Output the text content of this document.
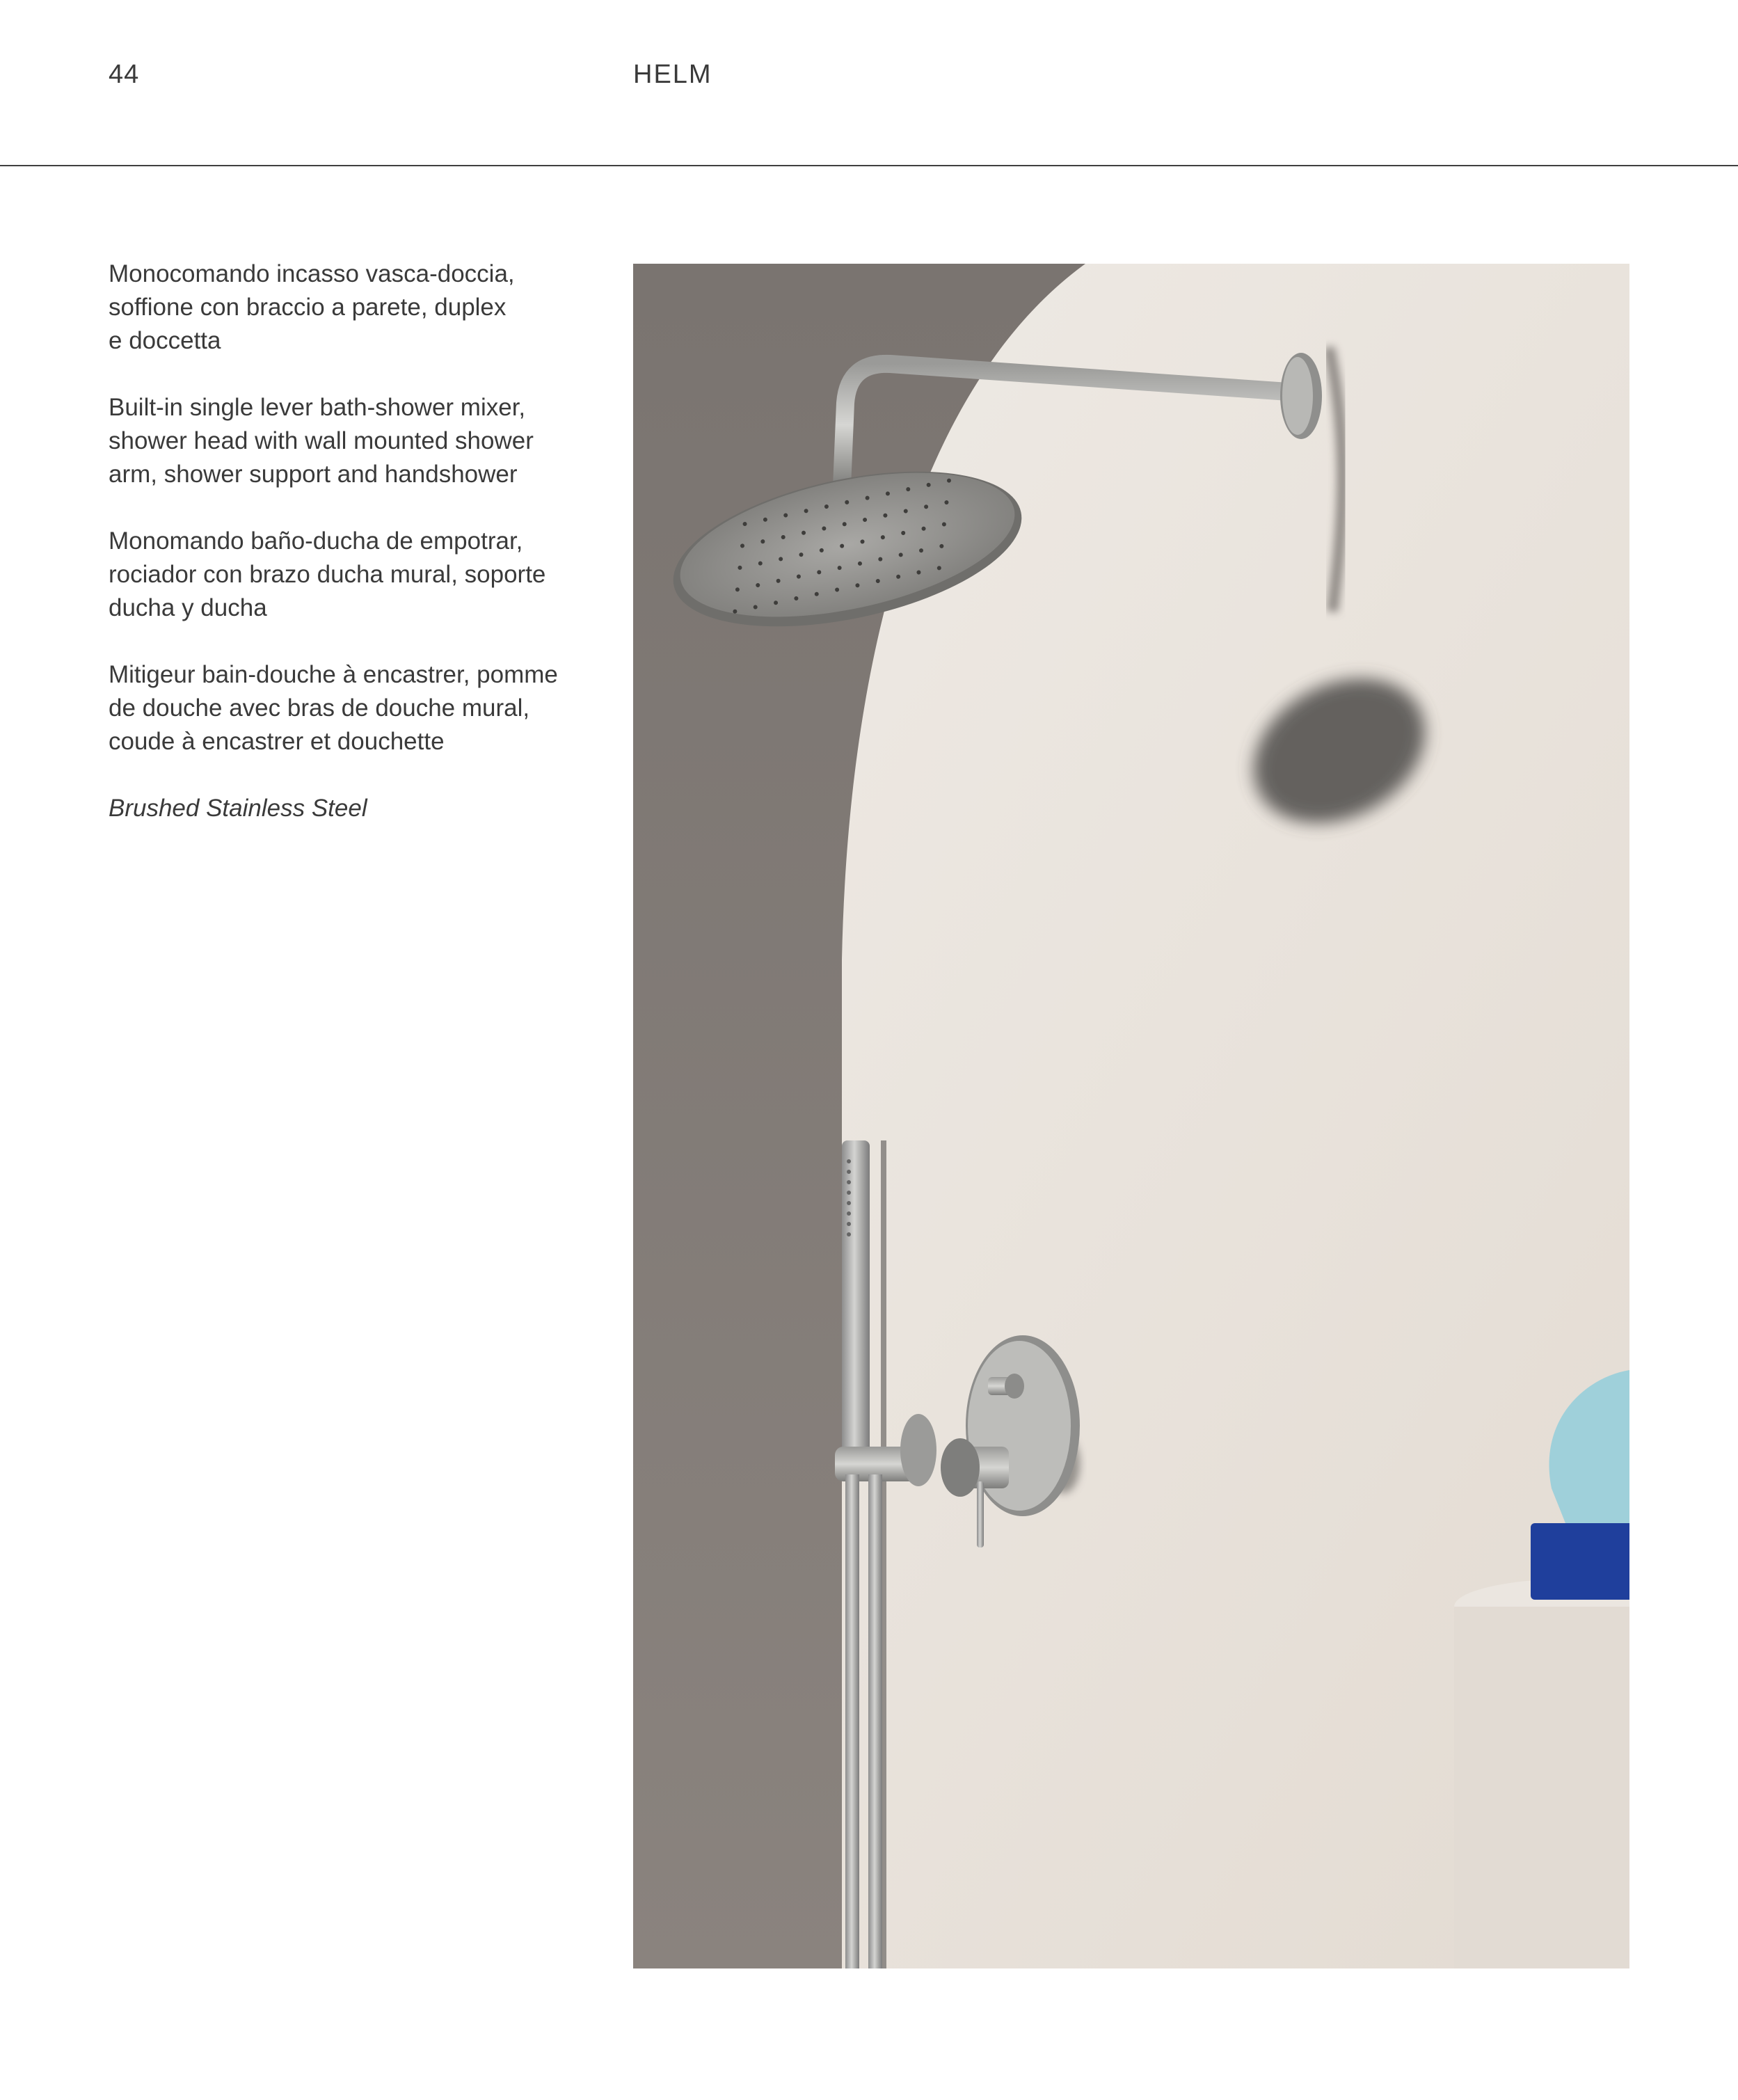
44	HELM

Monocomando incasso vasca-doccia,
soffione con braccio a parete, duplex
e doccetta

Built-in single lever bath-shower mixer,
shower head with wall mounted shower
arm, shower support and handshower

Monomando baño-ducha de empotrar,
rociador con brazo ducha mural, soporte
ducha y ducha

Mitigeur bain-douche à encastrer, pomme
de douche avec bras de douche mural,
coude à encastrer et douchette

Brushed Stainless Steel
